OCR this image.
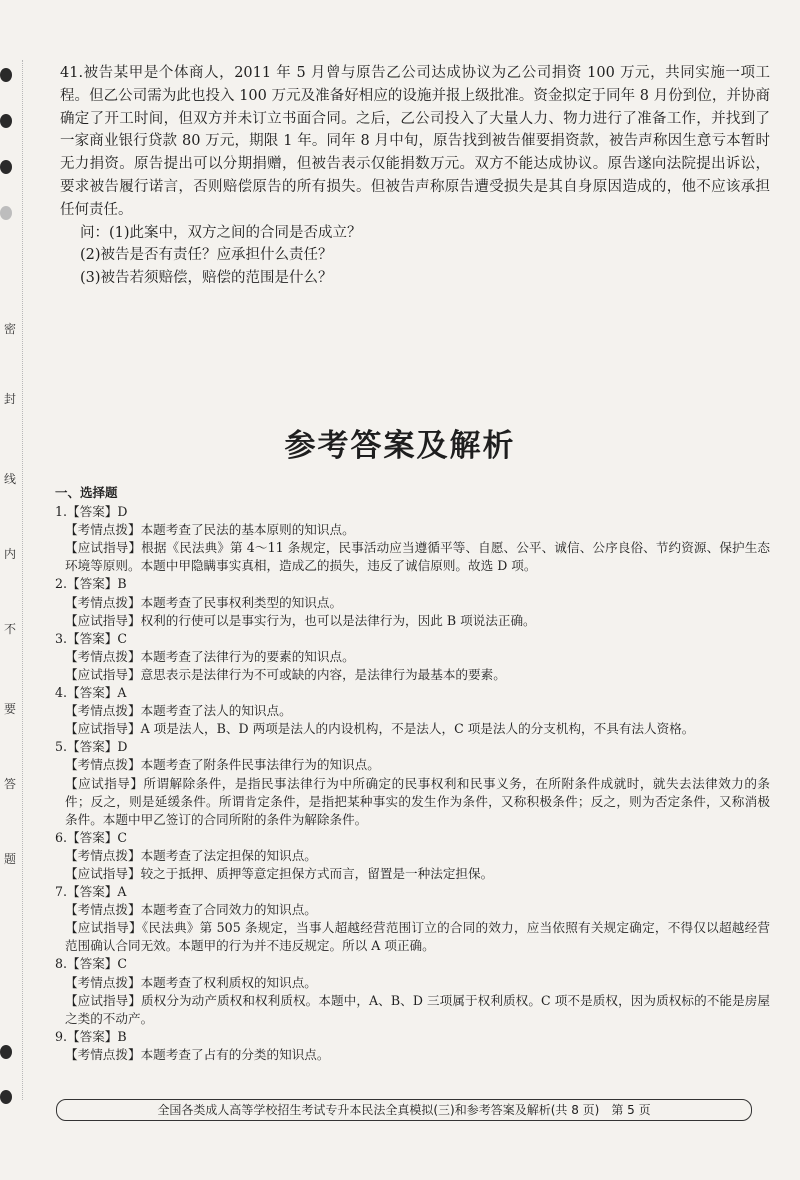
密
封
线
内
不
要
答
题

41.被告某甲是个体商人，2011 年 5 月曾与原告乙公司达成协议为乙公司捐资 100 万元，共同实施一项工程。但乙公司需为此也投入 100 万元及准备好相应的设施并报上级批准。资金拟定于同年 8 月份到位，并协商确定了开工时间，但双方并未订立书面合同。之后，乙公司投入了大量人力、物力进行了准备工作，并找到了一家商业银行贷款 80 万元，期限 1 年。同年 8 月中旬，原告找到被告催要捐资款，被告声称因生意亏本暂时无力捐资。原告提出可以分期捐赠，但被告表示仅能捐数万元。双方不能达成协议。原告遂向法院提出诉讼，要求被告履行诺言，否则赔偿原告的所有损失。但被告声称原告遭受损失是其自身原因造成的，他不应该承担任何责任。

问：(1)此案中，双方之间的合同是否成立？

(2)被告是否有责任？应承担什么责任？

(3)被告若须赔偿，赔偿的范围是什么？

参考答案及解析

一、选择题

1.【答案】D

【考情点拨】本题考查了民法的基本原则的知识点。

【应试指导】根据《民法典》第 4～11 条规定，民事活动应当遵循平等、自愿、公平、诚信、公序良俗、节约资源、保护生态环境等原则。本题中甲隐瞒事实真相，造成乙的损失，违反了诚信原则。故选 D 项。

2.【答案】B

【考情点拨】本题考查了民事权利类型的知识点。

【应试指导】权利的行使可以是事实行为，也可以是法律行为，因此 B 项说法正确。

3.【答案】C

【考情点拨】本题考查了法律行为的要素的知识点。

【应试指导】意思表示是法律行为不可或缺的内容，是法律行为最基本的要素。

4.【答案】A

【考情点拨】本题考查了法人的知识点。

【应试指导】A 项是法人，B、D 两项是法人的内设机构，不是法人，C 项是法人的分支机构，不具有法人资格。

5.【答案】D

【考情点拨】本题考查了附条件民事法律行为的知识点。

【应试指导】所谓解除条件，是指民事法律行为中所确定的民事权利和民事义务，在所附条件成就时，就失去法律效力的条件；反之，则是延缓条件。所谓肯定条件，是指把某种事实的发生作为条件，又称积极条件；反之，则为否定条件，又称消极条件。本题中甲乙签订的合同所附的条件为解除条件。

6.【答案】C

【考情点拨】本题考查了法定担保的知识点。

【应试指导】较之于抵押、质押等意定担保方式而言，留置是一种法定担保。

7.【答案】A

【考情点拨】本题考查了合同效力的知识点。

【应试指导】《民法典》第 505 条规定，当事人超越经营范围订立的合同的效力，应当依照有关规定确定，不得仅以超越经营范围确认合同无效。本题甲的行为并不违反规定。所以 A 项正确。

8.【答案】C

【考情点拨】本题考查了权利质权的知识点。

【应试指导】质权分为动产质权和权利质权。本题中，A、B、D 三项属于权利质权。C 项不是质权，因为质权标的不能是房屋之类的不动产。

9.【答案】B

【考情点拨】本题考查了占有的分类的知识点。

全国各类成人高等学校招生考试专升本民法全真模拟(三)和参考答案及解析(共 8 页)　第 5 页
